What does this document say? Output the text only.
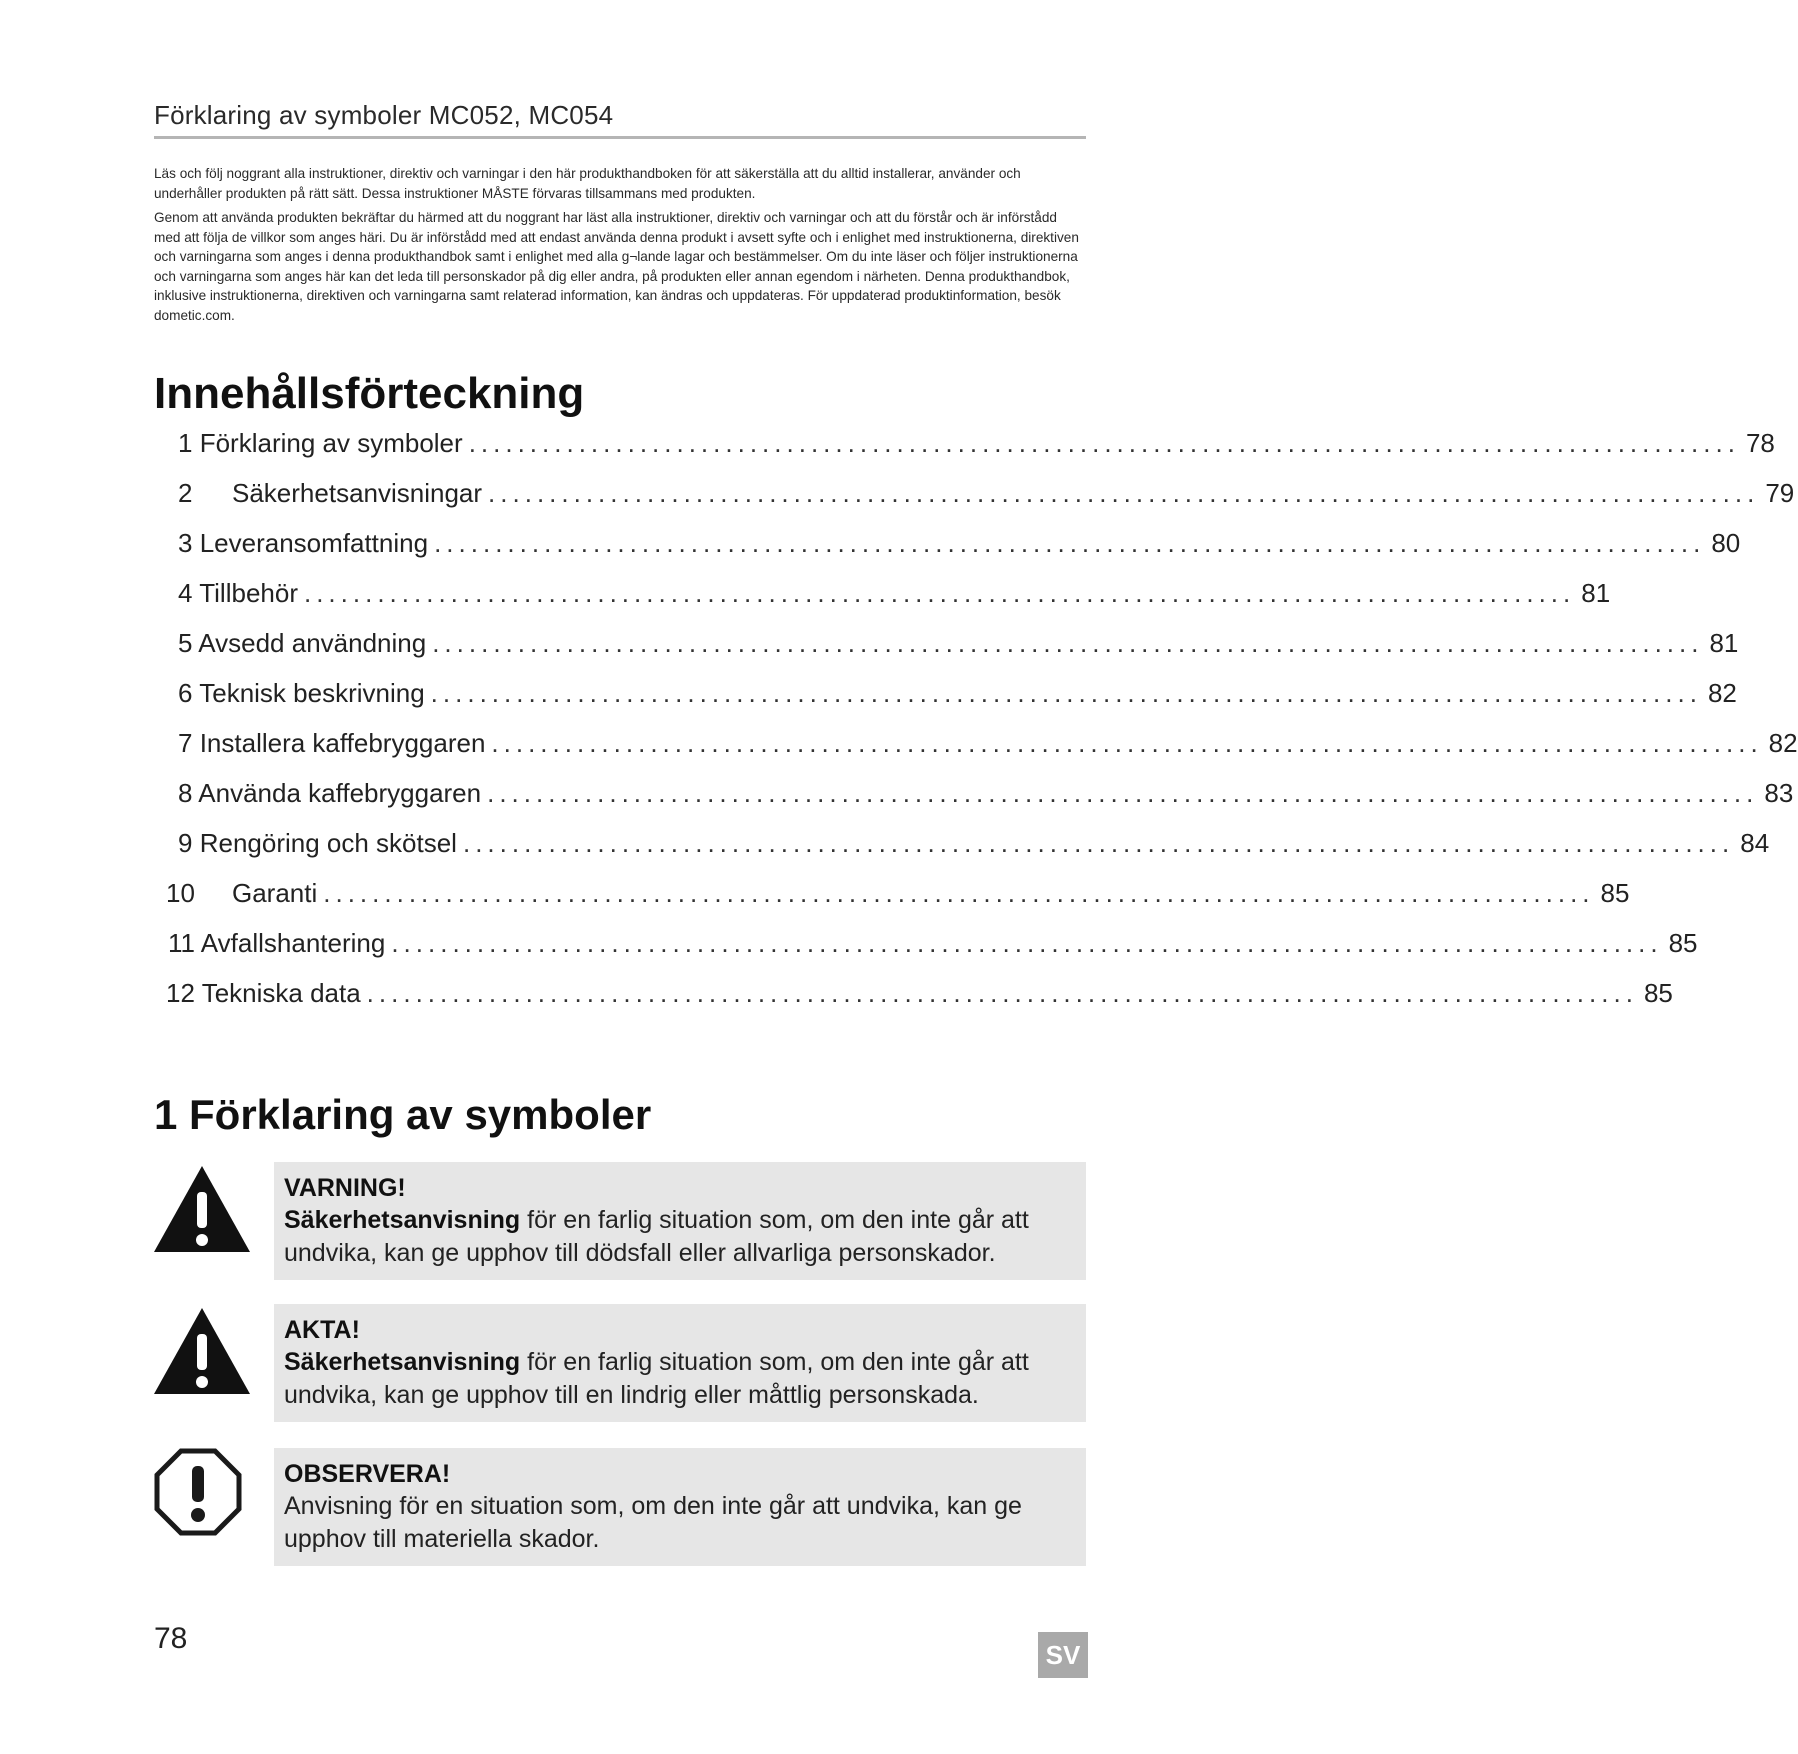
Förklaring av symboler MC052, MC054

Läs och följ noggrant alla instruktioner, direktiv och varningar i den här produkthandboken för att säkerställa att du alltid installerar, använder och underhåller produkten på rätt sätt. Dessa instruktioner MÅSTE förvaras tillsammans med produkten.

Genom att använda produkten bekräftar du härmed att du noggrant har läst alla instruktioner, direktiv och varningar och att du förstår och är införstådd med att följa de villkor som anges häri. Du är införstådd med att endast använda denna produkt i avsett syfte och i enlighet med instruktionerna, direktiven och varningarna som anges i denna produkthandbok samt i enlighet med alla g¬lande lagar och bestämmelser. Om du inte läser och följer instruktionerna och varningarna som anges här kan det leda till personskador på dig eller andra, på produkten eller annan egendom i närheten. Denna produkthandbok, inklusive instruktionerna, direktiven och varningarna samt relaterad information, kan ändras och uppdateras. För uppdaterad produktinformation, besök dometic.com.

Innehållsförteckning
1 Förklaring av symboler ........................................................................................................ 78
2 Säkerhetsanvisningar ........................................................................................................ 79
3 Leveransomfattning ........................................................................................................ 80
4 Tillbehör ........................................................................................................ 81
5 Avsedd användning ........................................................................................................ 81
6 Teknisk beskrivning ........................................................................................................ 82
7 Installera kaffebryggaren ........................................................................................................ 82
8 Använda kaffebryggaren ........................................................................................................ 83
9 Rengöring och skötsel ........................................................................................................ 84
10 Garanti ........................................................................................................ 85
11 Avfallshantering ........................................................................................................ 85
12 Tekniska data ........................................................................................................ 85
1 Förklaring av symboler
VARNING!
Säkerhetsanvisning för en farlig situation som, om den inte går att undvika, kan ge upphov till dödsfall eller allvarliga personskador.
AKTA!
Säkerhetsanvisning för en farlig situation som, om den inte går att undvika, kan ge upphov till en lindrig eller måttlig personskada.
OBSERVERA!
Anvisning för en situation som, om den inte går att undvika, kan ge upphov till materiella skador.
78	SV
